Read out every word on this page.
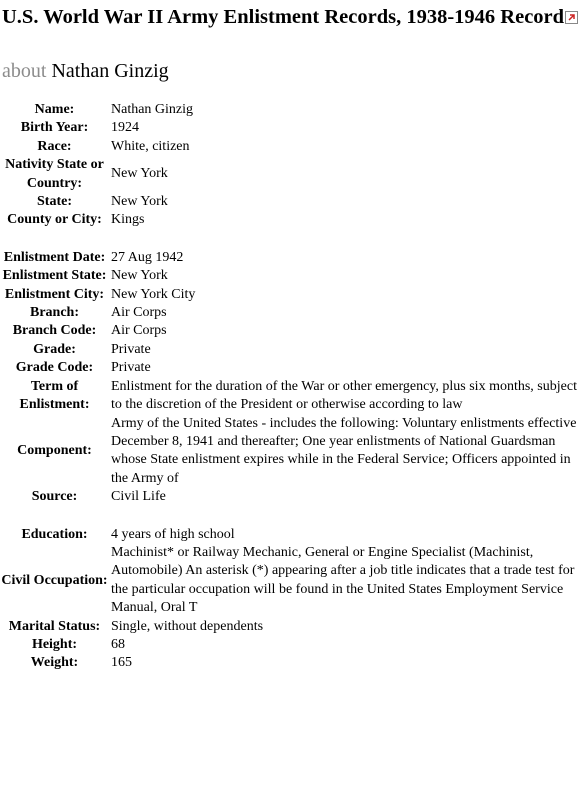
U.S. World War II Army Enlistment Records, 1938-1946 Record
about Nathan Ginzig
Name:	Nathan Ginzig
Birth Year:	1924
Race:	White, citizen
Nativity State or Country:	New York
State:	New York
County or City:	Kings

Enlistment Date:	27 Aug 1942
Enlistment State:	New York
Enlistment City:	New York City
Branch:	Air Corps
Branch Code:	Air Corps
Grade:	Private
Grade Code:	Private
Term of Enlistment:	Enlistment for the duration of the War or other emergency, plus six months, subject to the discretion of the President or otherwise according to law
Component:	Army of the United States - includes the following: Voluntary enlistments effective December 8, 1941 and thereafter; One year enlistments of National Guardsman whose State enlistment expires while in the Federal Service; Officers appointed in the Army of
Source:	Civil Life

Education:	4 years of high school
Civil Occupation:	Machinist* or Railway Mechanic, General or Engine Specialist (Machinist, Automobile) An asterisk (*) appearing after a job title indicates that a trade test for the particular occupation will be found in the United States Employment Service Manual, Oral T
Marital Status:	Single, without dependents
Height:	68
Weight:	165
